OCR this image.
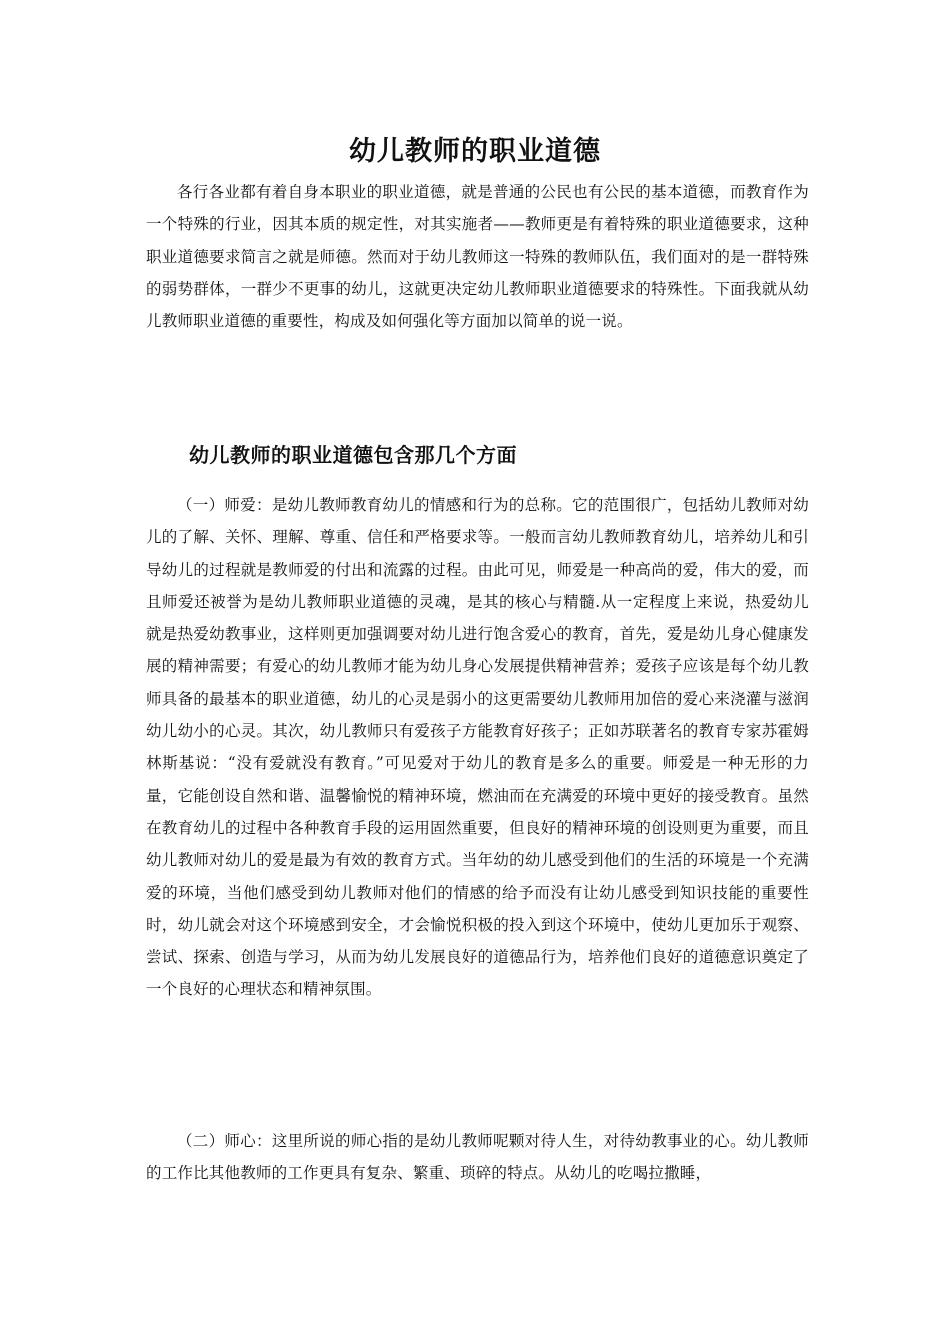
幼儿教师的职业道德

各行各业都有着自身本职业的职业道德，就是普通的公民也有公民的基本道德，而教育作为一个特殊的行业，因其本质的规定性，对其实施者——教师更是有着特殊的职业道德要求，这种职业道德要求简言之就是师德。然而对于幼儿教师这一特殊的教师队伍，我们面对的是一群特殊的弱势群体，一群少不更事的幼儿，这就更决定幼儿教师职业道德要求的特殊性。下面我就从幼儿教师职业道德的重要性，构成及如何强化等方面加以简单的说一说。

幼儿教师的职业道德包含那几个方面

（一）师爱：是幼儿教师教育幼儿的情感和行为的总称。它的范围很广，包括幼儿教师对幼儿的了解、关怀、理解、尊重、信任和严格要求等。一般而言幼儿教师教育幼儿，培养幼儿和引导幼儿的过程就是教师爱的付出和流露的过程。由此可见，师爱是一种高尚的爱，伟大的爱，而且师爱还被誉为是幼儿教师职业道德的灵魂，是其的核心与精髓.从一定程度上来说，热爱幼儿就是热爱幼教事业，这样则更加强调要对幼儿进行饱含爱心的教育，首先，爱是幼儿身心健康发展的精神需要；有爱心的幼儿教师才能为幼儿身心发展提供精神营养；爱孩子应该是每个幼儿教师具备的最基本的职业道德，幼儿的心灵是弱小的这更需要幼儿教师用加倍的爱心来浇灌与滋润幼儿幼小的心灵。其次，幼儿教师只有爱孩子方能教育好孩子；正如苏联著名的教育专家苏霍姆林斯基说：“没有爱就没有教育。”可见爱对于幼儿的教育是多么的重要。师爱是一种无形的力量，它能创设自然和谐、温馨愉悦的精神环境，燃油而在充满爱的环境中更好的接受教育。虽然在教育幼儿的过程中各种教育手段的运用固然重要，但良好的精神环境的创设则更为重要，而且幼儿教师对幼儿的爱是最为有效的教育方式。当年幼的幼儿感受到他们的生活的环境是一个充满爱的环境，当他们感受到幼儿教师对他们的情感的给予而没有让幼儿感受到知识技能的重要性时，幼儿就会对这个环境感到安全，才会愉悦积极的投入到这个环境中，使幼儿更加乐于观察、尝试、探索、创造与学习，从而为幼儿发展良好的道德品行为，培养他们良好的道德意识奠定了一个良好的心理状态和精神氛围。

（二）师心：这里所说的师心指的是幼儿教师呢颗对待人生，对待幼教事业的心。幼儿教师的工作比其他教师的工作更具有复杂、繁重、琐碎的特点。从幼儿的吃喝拉撒睡，
